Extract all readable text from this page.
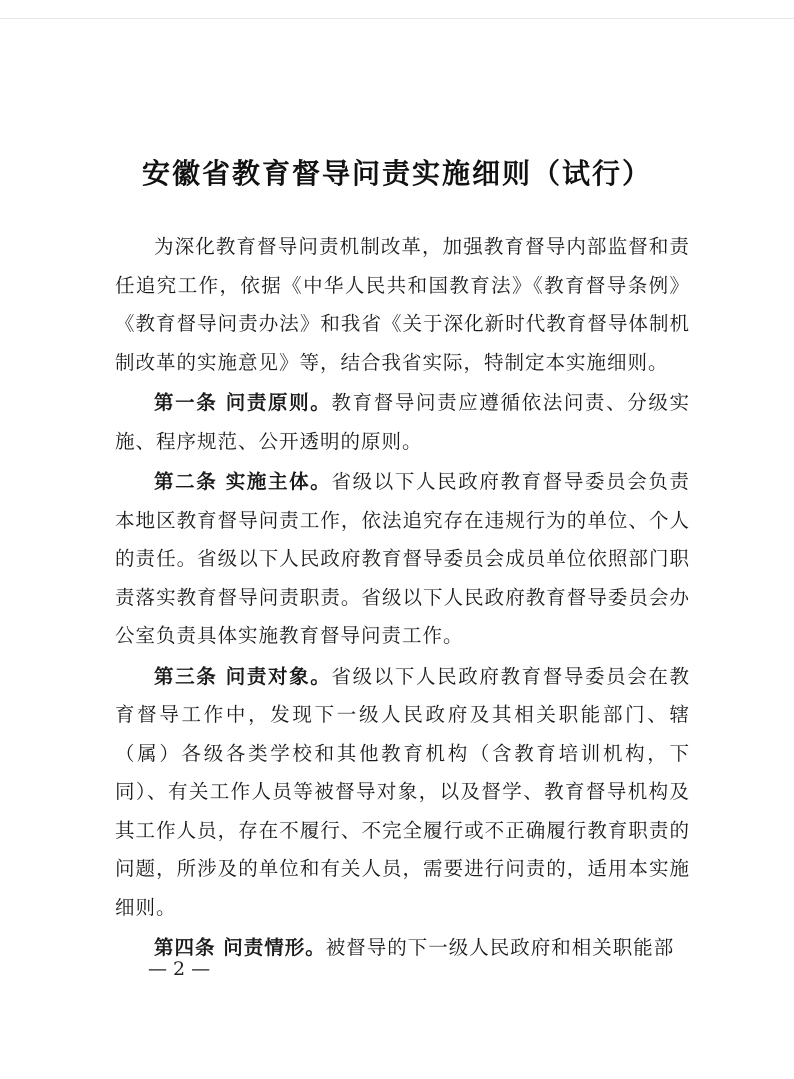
安徽省教育督导问责实施细则（试行）

为深化教育督导问责机制改革，加强教育督导内部监督和责任追究工作，依据《中华人民共和国教育法》《教育督导条例》《教育督导问责办法》和我省《关于深化新时代教育督导体制机制改革的实施意见》等，结合我省实际，特制定本实施细则。

第一条 问责原则。教育督导问责应遵循依法问责、分级实施、程序规范、公开透明的原则。

第二条 实施主体。省级以下人民政府教育督导委员会负责本地区教育督导问责工作，依法追究存在违规行为的单位、个人的责任。省级以下人民政府教育督导委员会成员单位依照部门职责落实教育督导问责职责。省级以下人民政府教育督导委员会办公室负责具体实施教育督导问责工作。

第三条 问责对象。省级以下人民政府教育督导委员会在教育督导工作中，发现下一级人民政府及其相关职能部门、辖（属）各级各类学校和其他教育机构（含教育培训机构，下同）、有关工作人员等被督导对象，以及督学、教育督导机构及其工作人员，存在不履行、不完全履行或不正确履行教育职责的问题，所涉及的单位和有关人员，需要进行问责的，适用本实施细则。

第四条 问责情形。被督导的下一级人民政府和相关职能部

— 2 —
